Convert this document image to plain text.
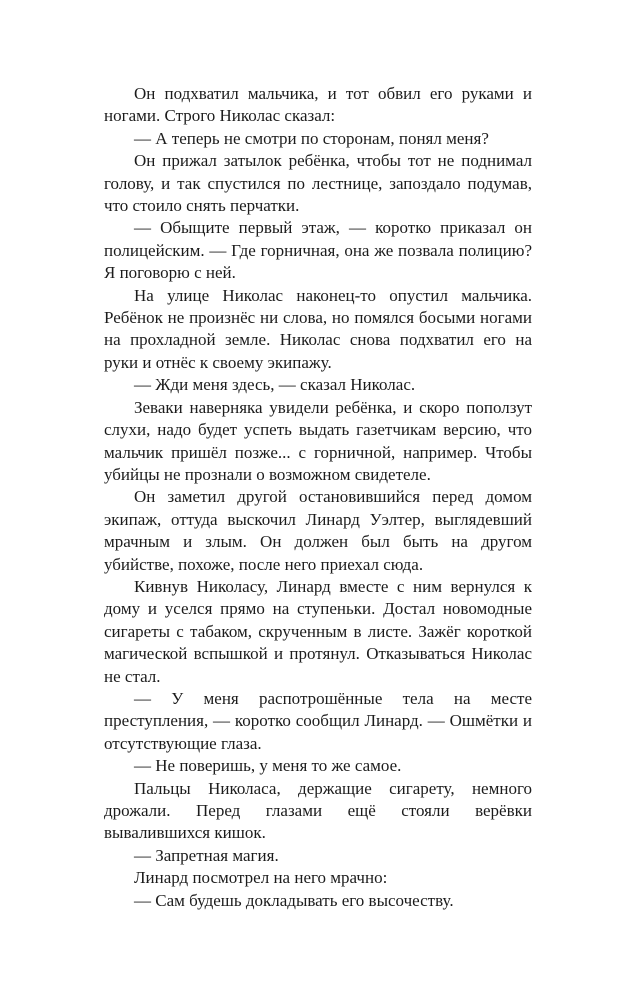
Он подхватил мальчика, и тот обвил его руками и ногами. Строго Николас сказал:

— А теперь не смотри по сторонам, понял меня?

Он прижал затылок ребёнка, чтобы тот не поднимал голову, и так спустился по лестнице, запоздало подумав, что стоило снять перчатки.

— Обыщите первый этаж, — коротко приказал он полицейским. — Где горничная, она же позвала полицию? Я поговорю с ней.

На улице Николас наконец-то опустил мальчика. Ребёнок не произнёс ни слова, но помялся босыми ногами на прохладной земле. Николас снова подхватил его на руки и отнёс к своему экипажу.

— Жди меня здесь, — сказал Николас.

Зеваки наверняка увидели ребёнка, и скоро поползут слухи, надо будет успеть выдать газетчикам версию, что мальчик пришёл позже... с горничной, например. Чтобы убийцы не прознали о возможном свидетеле.

Он заметил другой остановившийся перед домом экипаж, оттуда выскочил Линард Уэлтер, выглядевший мрачным и злым. Он должен был быть на другом убийстве, похоже, после него приехал сюда.

Кивнув Николасу, Линард вместе с ним вернулся к дому и уселся прямо на ступеньки. Достал новомодные сигареты с табаком, скрученным в листе. Зажёг короткой магической вспышкой и протянул. Отказываться Николас не стал.

— У меня распотрошённые тела на месте преступления, — коротко сообщил Линард. — Ошмётки и отсутствующие глаза.

— Не поверишь, у меня то же самое.

Пальцы Николаса, держащие сигарету, немного дрожали. Перед глазами ещё стояли верёвки вывалившихся кишок.

— Запретная магия.

Линард посмотрел на него мрачно:

— Сам будешь докладывать его высочеству.
